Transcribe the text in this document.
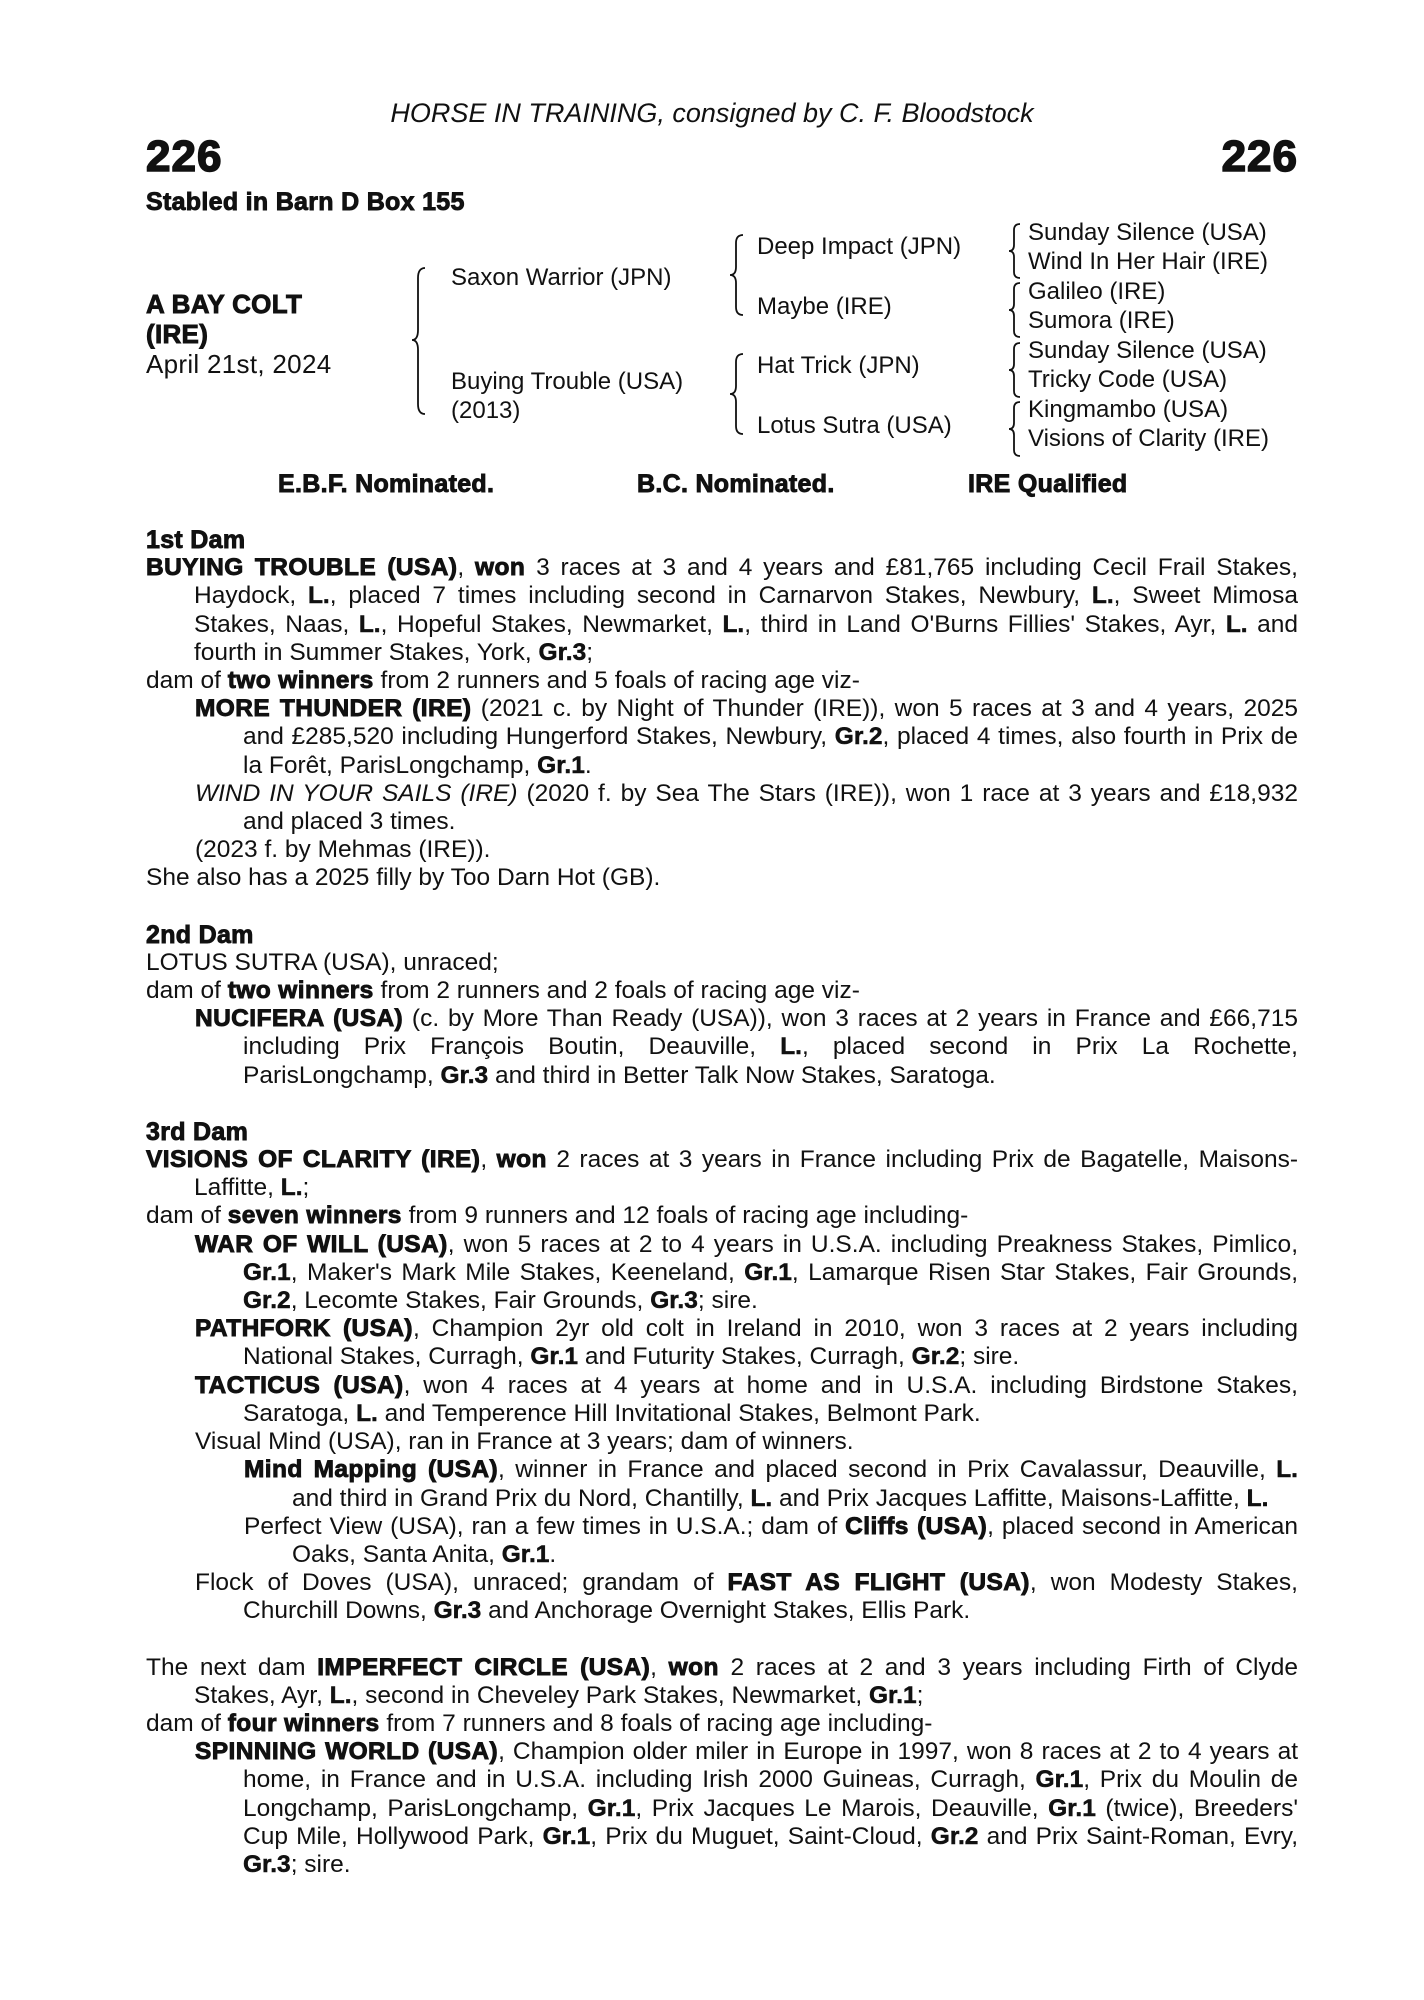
HORSE IN TRAINING, consigned by C. F. Bloodstock
226	226
Stabled in Barn D Box 155
A BAY COLT
(IRE)
April 21st, 2024
Saxon Warrior (JPN)
Buying Trouble (USA)
(2013)
Deep Impact (JPN)
Maybe (IRE)
Hat Trick (JPN)
Lotus Sutra (USA)
Sunday Silence (USA)
Wind In Her Hair (IRE)
Galileo (IRE)
Sumora (IRE)
Sunday Silence (USA)
Tricky Code (USA)
Kingmambo (USA)
Visions of Clarity (IRE)
E.B.F. Nominated.	B.C. Nominated.	IRE Qualified
1st Dam

BUYING TROUBLE (USA), won 3 races at 3 and 4 years and £81,765 including Cecil Frail Stakes, Haydock, L., placed 7 times including second in Carnarvon Stakes, Newbury, L., Sweet Mimosa Stakes, Naas, L., Hopeful Stakes, Newmarket, L., third in Land O'Burns Fillies' Stakes, Ayr, L. and fourth in Summer Stakes, York, Gr.3;

dam of two winners from 2 runners and 5 foals of racing age viz-

MORE THUNDER (IRE) (2021 c. by Night of Thunder (IRE)), won 5 races at 3 and 4 years, 2025 and £285,520 including Hungerford Stakes, Newbury, Gr.2, placed 4 times, also fourth in Prix de la Forêt, ParisLongchamp, Gr.1.

WIND IN YOUR SAILS (IRE) (2020 f. by Sea The Stars (IRE)), won 1 race at 3 years and £18,932 and placed 3 times.

(2023 f. by Mehmas (IRE)).

She also has a 2025 filly by Too Darn Hot (GB).

2nd Dam

LOTUS SUTRA (USA), unraced;

dam of two winners from 2 runners and 2 foals of racing age viz-

NUCIFERA (USA) (c. by More Than Ready (USA)), won 3 races at 2 years in France and £66,715 including Prix François Boutin, Deauville, L., placed second in Prix La Rochette, ParisLongchamp, Gr.3 and third in Better Talk Now Stakes, Saratoga.

3rd Dam

VISIONS OF CLARITY (IRE), won 2 races at 3 years in France including Prix de Bagatelle, Maisons-Laffitte, L.;

dam of seven winners from 9 runners and 12 foals of racing age including-

WAR OF WILL (USA), won 5 races at 2 to 4 years in U.S.A. including Preakness Stakes, Pimlico, Gr.1, Maker's Mark Mile Stakes, Keeneland, Gr.1, Lamarque Risen Star Stakes, Fair Grounds, Gr.2, Lecomte Stakes, Fair Grounds, Gr.3; sire.

PATHFORK (USA), Champion 2yr old colt in Ireland in 2010, won 3 races at 2 years including National Stakes, Curragh, Gr.1 and Futurity Stakes, Curragh, Gr.2; sire.

TACTICUS (USA), won 4 races at 4 years at home and in U.S.A. including Birdstone Stakes, Saratoga, L. and Temperence Hill Invitational Stakes, Belmont Park.

Visual Mind (USA), ran in France at 3 years; dam of winners.

Mind Mapping (USA), winner in France and placed second in Prix Cavalassur, Deauville, L. and third in Grand Prix du Nord, Chantilly, L. and Prix Jacques Laffitte, Maisons-Laffitte, L.

Perfect View (USA), ran a few times in U.S.A.; dam of Cliffs (USA), placed second in American Oaks, Santa Anita, Gr.1.

Flock of Doves (USA), unraced; grandam of FAST AS FLIGHT (USA), won Modesty Stakes, Churchill Downs, Gr.3 and Anchorage Overnight Stakes, Ellis Park.

The next dam IMPERFECT CIRCLE (USA), won 2 races at 2 and 3 years including Firth of Clyde Stakes, Ayr, L., second in Cheveley Park Stakes, Newmarket, Gr.1;

dam of four winners from 7 runners and 8 foals of racing age including-

SPINNING WORLD (USA), Champion older miler in Europe in 1997, won 8 races at 2 to 4 years at home, in France and in U.S.A. including Irish 2000 Guineas, Curragh, Gr.1, Prix du Moulin de Longchamp, ParisLongchamp, Gr.1, Prix Jacques Le Marois, Deauville, Gr.1 (twice), Breeders' Cup Mile, Hollywood Park, Gr.1, Prix du Muguet, Saint-Cloud, Gr.2 and Prix Saint-Roman, Evry, Gr.3; sire.
